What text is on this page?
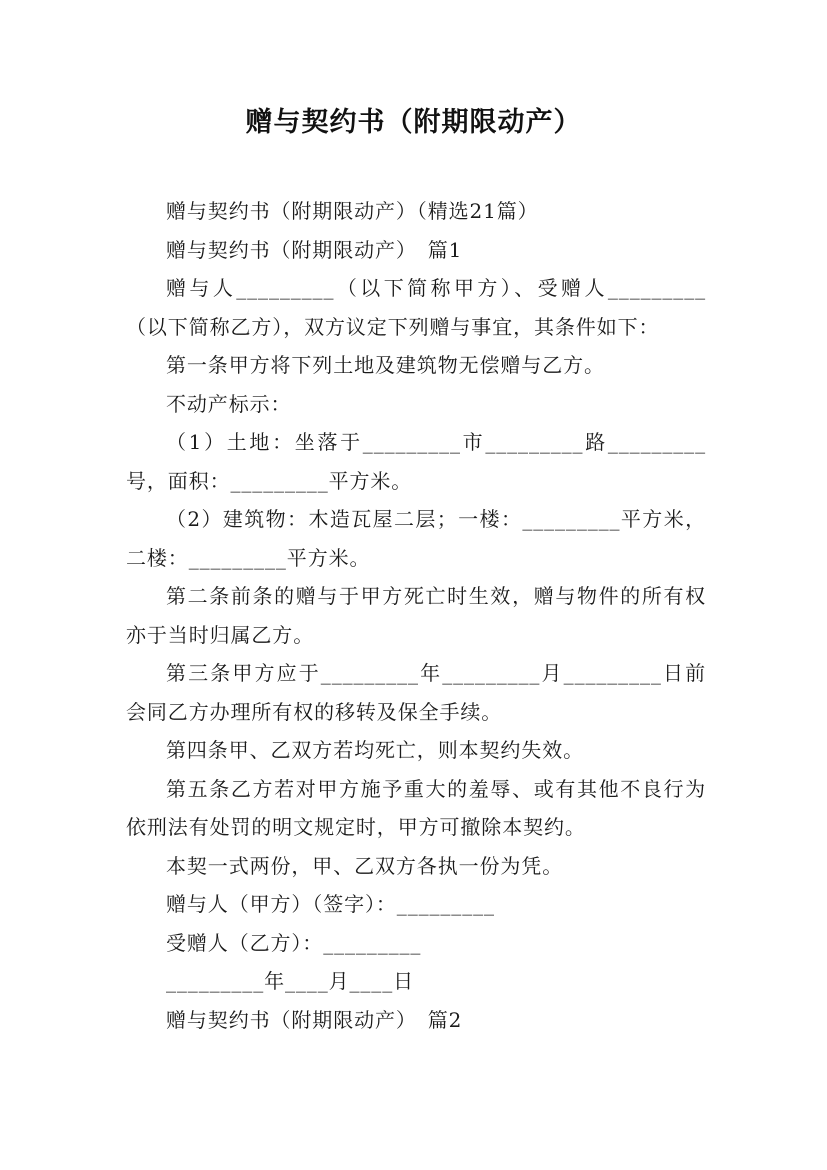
赠与契约书（附期限动产）

赠与契约书（附期限动产）（精选21篇）

赠与契约书（附期限动产）　篇1

赠与人_________（以下简称甲方）、受赠人_________（以下简称乙方），双方议定下列赠与事宜，其条件如下：

第一条甲方将下列土地及建筑物无偿赠与乙方。

不动产标示：

（1）土地：坐落于_________市_________路_________号，面积：_________平方米。

（2）建筑物：木造瓦屋二层；一楼：_________平方米，二楼：_________平方米。

第二条前条的赠与于甲方死亡时生效，赠与物件的所有权亦于当时归属乙方。

第三条甲方应于_________年_________月_________日前会同乙方办理所有权的移转及保全手续。

第四条甲、乙双方若均死亡，则本契约失效。

第五条乙方若对甲方施予重大的羞辱、或有其他不良行为依刑法有处罚的明文规定时，甲方可撤除本契约。

本契一式两份，甲、乙双方各执一份为凭。

赠与人（甲方）（签字）：_________

受赠人（乙方）：_________

_________年____月____日

赠与契约书（附期限动产）　篇2
